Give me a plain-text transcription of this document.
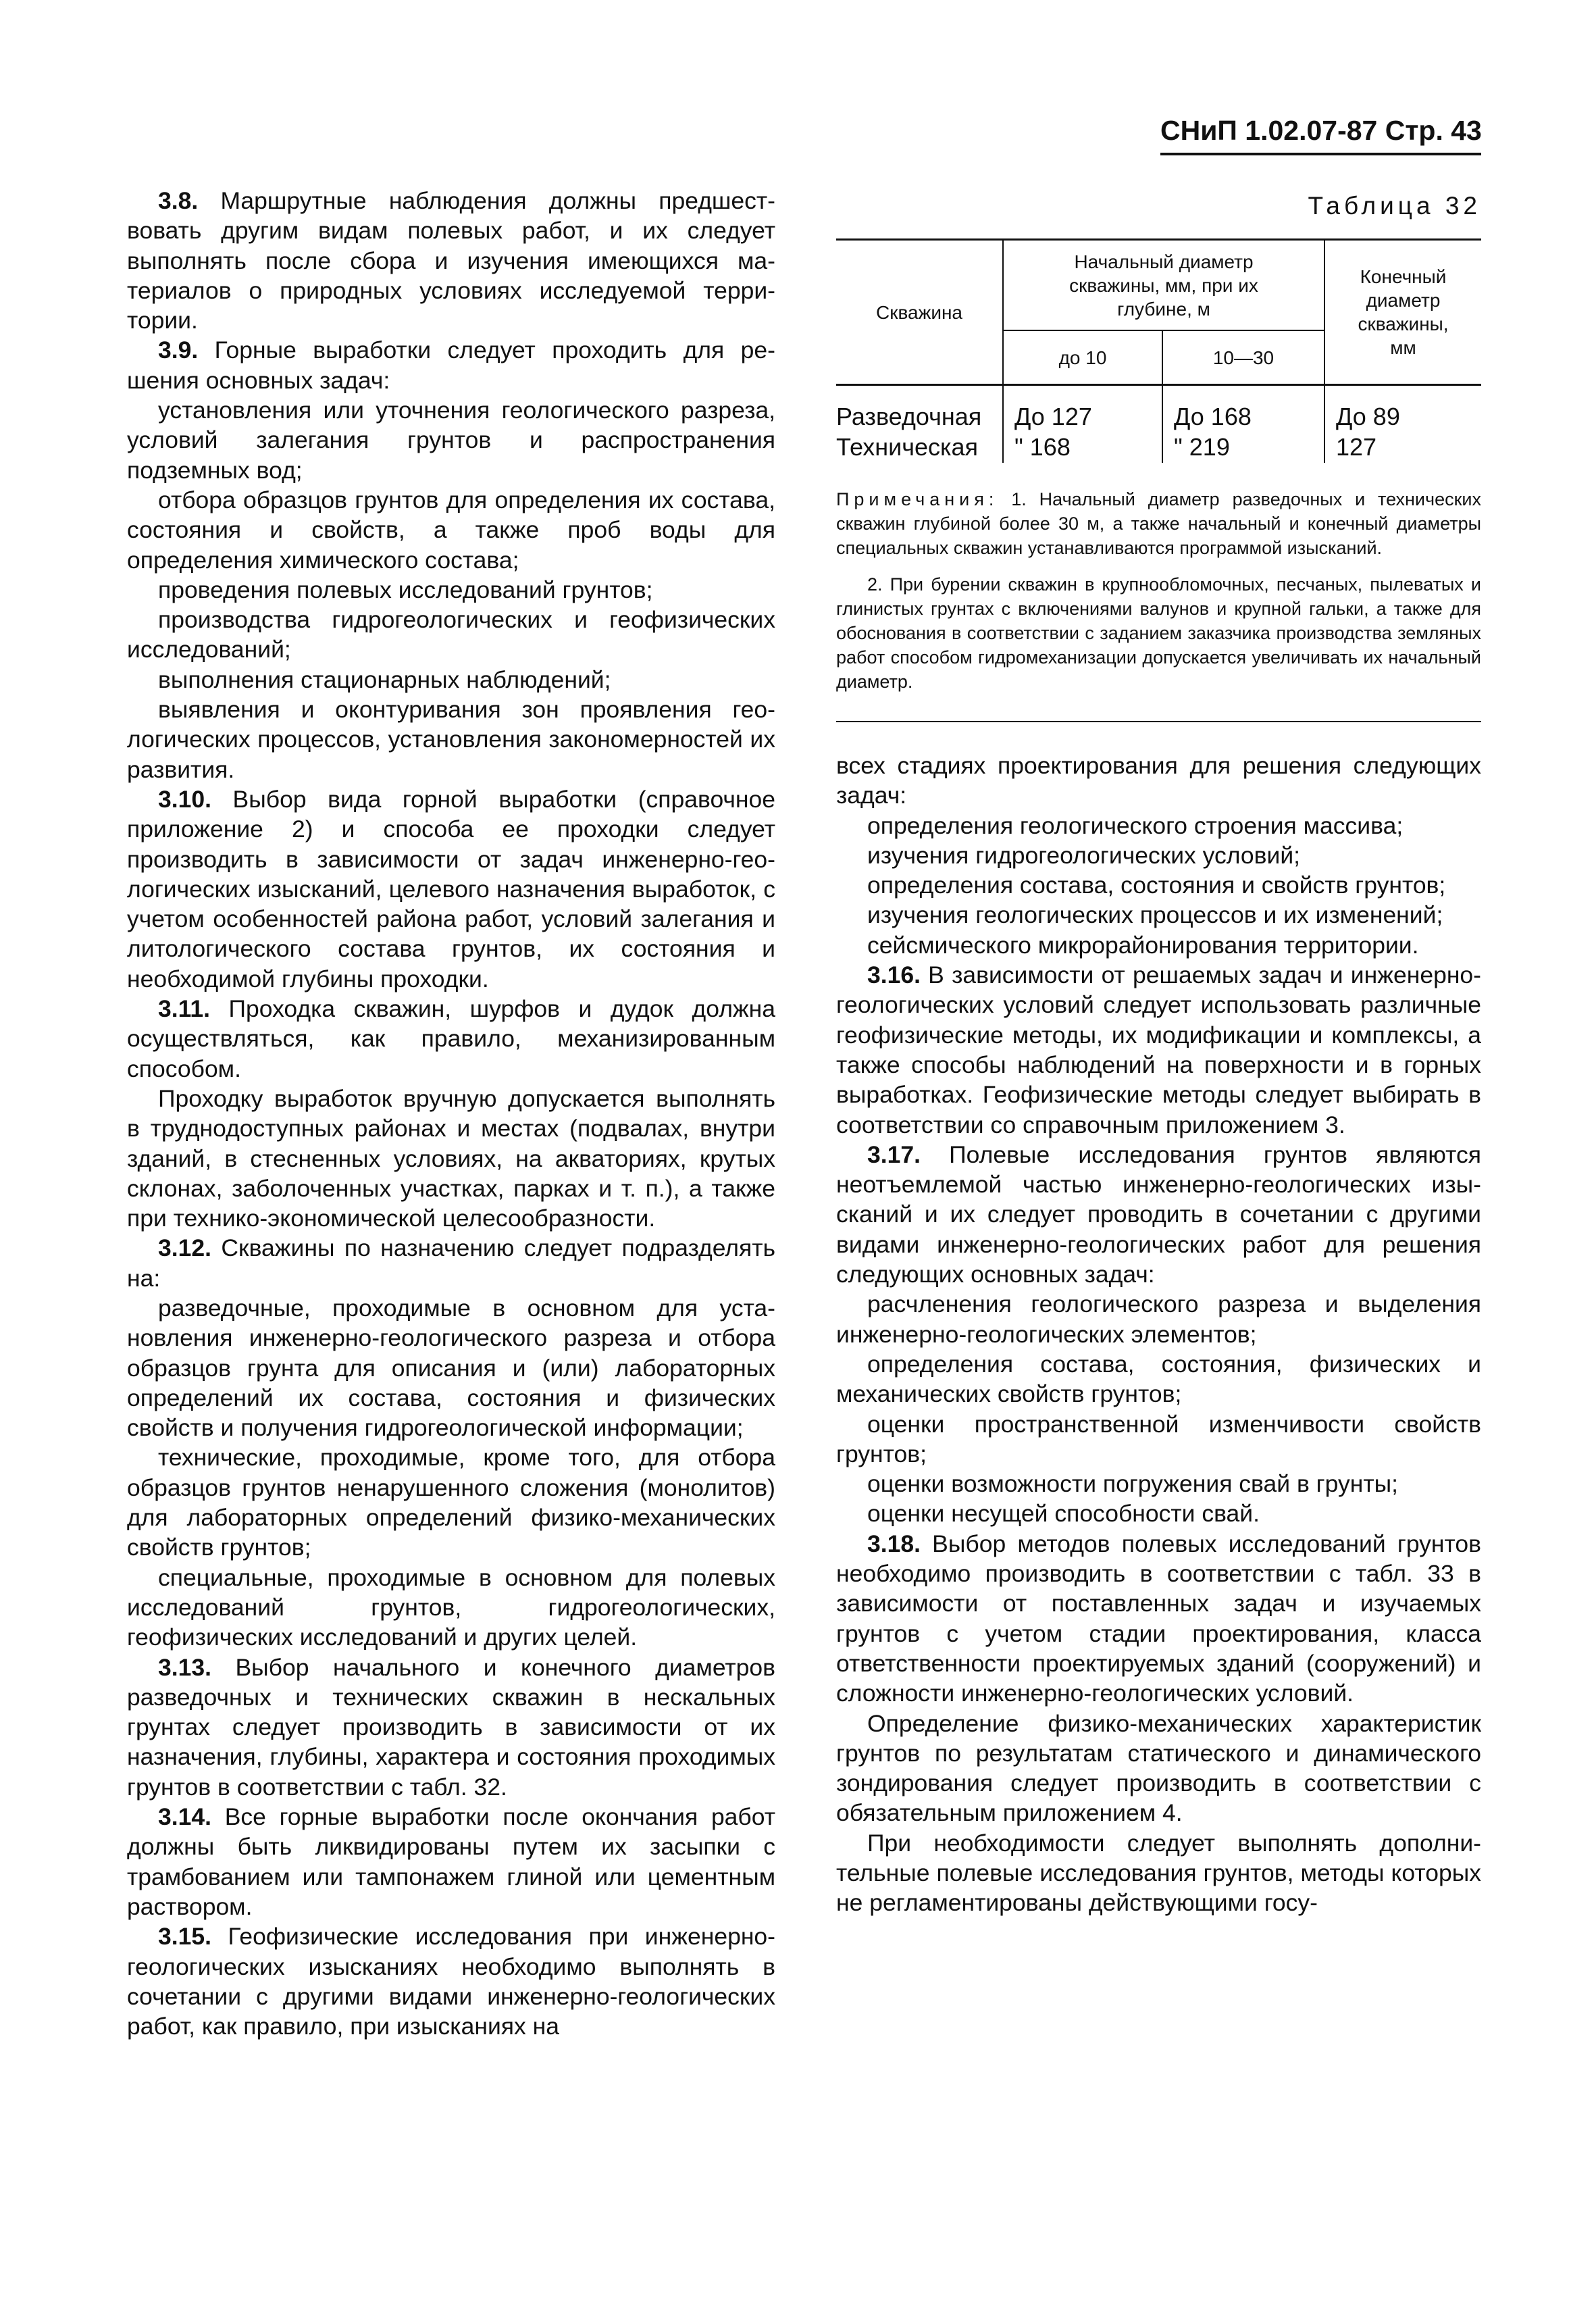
СНиП 1.02.07-87 Стр. 43

3.8. Маршрутные наблюдения должны предшествовать другим видам полевых работ, и их следует выполнять после сбора и изучения имеющихся материалов о природных условиях исследуемой территории.

3.9. Горные выработки следует проходить для решения основных задач:

установления или уточнения геологического разреза, условий залегания грунтов и распространения подземных вод;

отбора образцов грунтов для определения их состава, состояния и свойств, а также проб воды для определения химического состава;

проведения полевых исследований грунтов;

производства гидрогеологических и геофизических исследований;

выполнения стационарных наблюдений;

выявления и оконтуривания зон проявления геологических процессов, установления закономерностей их развития.

3.10. Выбор вида горной выработки (справочное приложение 2) и способа ее проходки следует производить в зависимости от задач инженерно-геологических изысканий, целевого назначения выработок, с учетом особенностей района работ, условий залегания и литологического состава грунтов, их состояния и необходимой глубины проходки.

3.11. Проходка скважин, шурфов и дудок должна осуществляться, как правило, механизированным способом.

Проходку выработок вручную допускается выполнять в труднодоступных районах и местах (подвалах, внутри зданий, в стесненных условиях, на акваториях, крутых склонах, заболоченных участках, парках и т. п.), а также при технико-экономической целесообразности.

3.12. Скважины по назначению следует подразделять на:

разведочные, проходимые в основном для установления инженерно-геологического разреза и отбора образцов грунта для описания и (или) лабораторных определений их состава, состояния и физических свойств и получения гидрогеологической информации;

технические, проходимые, кроме того, для отбора образцов грунтов ненарушенного сложения (монолитов) для лабораторных определений физико-механических свойств грунтов;

специальные, проходимые в основном для полевых исследований грунтов, гидрогеологических, геофизических исследований и других целей.

3.13. Выбор начального и конечного диаметров разведочных и технических скважин в нескальных грунтах следует производить в зависимости от их назначения, глубины, характера и состояния проходимых грунтов в соответствии с табл. 32.

3.14. Все горные выработки после окончания работ должны быть ликвидированы путем их засыпки с трамбованием или тампонажем глиной или цементным раствором.

3.15. Геофизические исследования при инженерно-геологических изысканиях необходимо выполнять в сочетании с другими видами инженерно-геологических работ, как правило, при изысканиях на

Таблица 32
Скважина	Начальный диаметр скважины, мм, при их глубине, м		Конечный диаметр скважины, мм
	до 10	10—30	
Разведочная	До 127	До 168	До 89
Техническая	" 168	" 219	127

Примечания: 1. Начальный диаметр разведочных и технических скважин глубиной более 30 м, а также начальный и конечный диаметры специальных скважин устанавливаются программой изысканий.

2. При бурении скважин в крупнообломочных, песчаных, пылеватых и глинистых грунтах с включениями валунов и крупной гальки, а также для обоснования в соответствии с заданием заказчика производства земляных работ способом гидромеханизации допускается увеличивать их начальный диаметр.

всех стадиях проектирования для решения следующих задач:

определения геологического строения массива;

изучения гидрогеологических условий;

определения состава, состояния и свойств грунтов;

изучения геологических процессов и их изменений;

сейсмического микрорайонирования территории.

3.16. В зависимости от решаемых задач и инженерно-геологических условий следует использовать различные геофизические методы, их модификации и комплексы, а также способы наблюдений на поверхности и в горных выработках. Геофизические методы следует выбирать в соответствии со справочным приложением 3.

3.17. Полевые исследования грунтов являются неотъемлемой частью инженерно-геологических изысканий и их следует проводить в сочетании с другими видами инженерно-геологических работ для решения следующих основных задач:

расчленения геологического разреза и выделения инженерно-геологических элементов;

определения состава, состояния, физических и механических свойств грунтов;

оценки пространственной изменчивости свойств грунтов;

оценки возможности погружения свай в грунты;

оценки несущей способности свай.

3.18. Выбор методов полевых исследований грунтов необходимо производить в соответствии с табл. 33 в зависимости от поставленных задач и изучаемых грунтов с учетом стадии проектирования, класса ответственности проектируемых зданий (сооружений) и сложности инженерно-геологических условий.

Определение физико-механических характеристик грунтов по результатам статического и динамического зондирования следует производить в соответствии с обязательным приложением 4.

При необходимости следует выполнять дополнительные полевые исследования грунтов, методы которых не регламентированы действующими госу-
